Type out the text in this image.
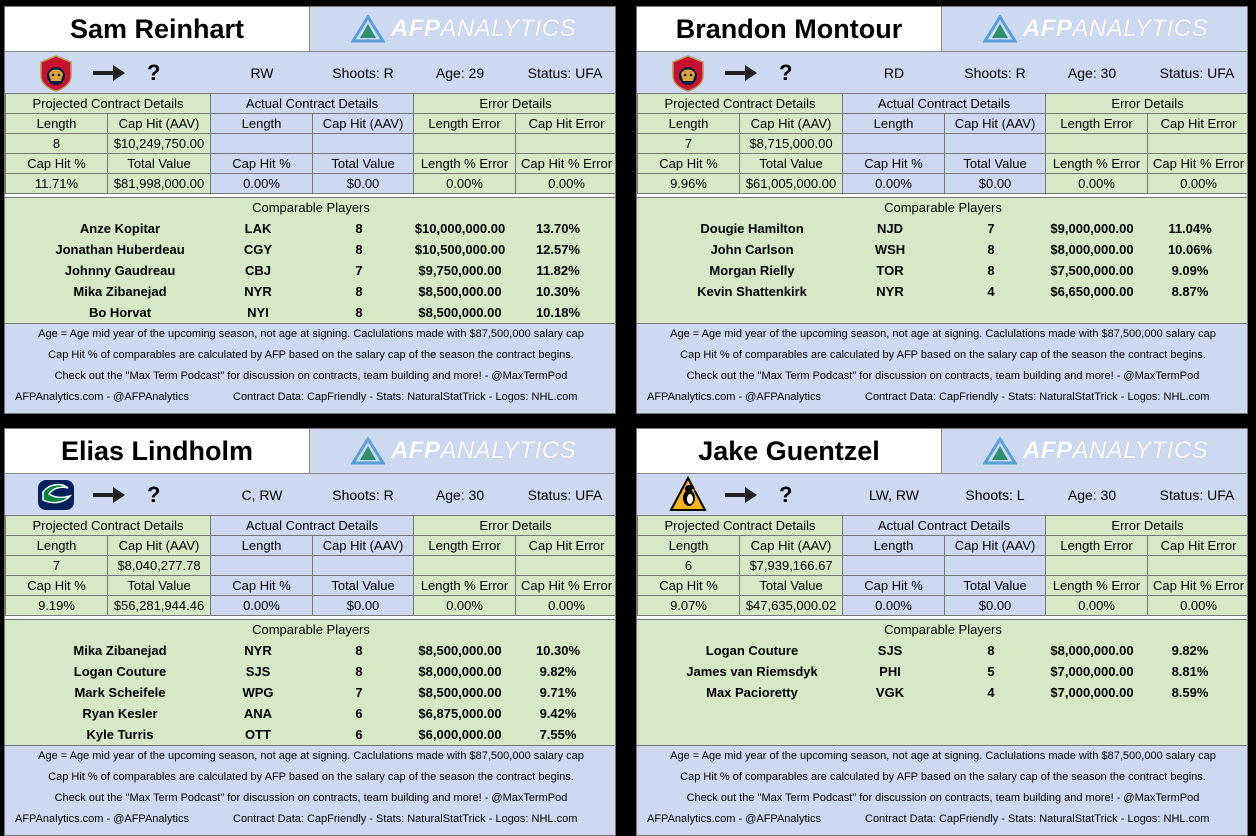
Sam Reinhart	AFPANALYTICS
?	RW	Shoots: R	Age: 29	Status: UFA
Projected Contract Details		Actual Contract Details		Error Details	
Length	Cap Hit (AAV)	Length	Cap Hit (AAV)	Length Error	Cap Hit Error
8	$10,249,750.00				
Cap Hit %	Total Value	Cap Hit %	Total Value	Length % Error	Cap Hit % Error
11.71%	$81,998,000.00	0.00%	$0.00	0.00%	0.00%
Comparable Players
Anze Kopitar	LAK	8	$10,000,000.00	13.70%
Jonathan Huberdeau	CGY	8	$10,500,000.00	12.57%
Johnny Gaudreau	CBJ	7	$9,750,000.00	11.82%
Mika Zibanejad	NYR	8	$8,500,000.00	10.30%
Bo Horvat	NYI	8	$8,500,000.00	10.18%
Age = Age mid year of the upcoming season, not age at signing. Caclulations made with $87,500,000 salary cap
Cap Hit % of comparables are calculated by AFP based on the salary cap of the season the contract begins.
Check out the "Max Term Podcast" for discussion on contracts, team building and more! - @MaxTermPod
AFPAnalytics.com - @AFPAnalytics	Contract Data: CapFriendly - Stats: NaturalStatTrick - Logos: NHL.com
Brandon Montour	AFPANALYTICS
?	RD	Shoots: R	Age: 30	Status: UFA
Projected Contract Details		Actual Contract Details		Error Details	
Length	Cap Hit (AAV)	Length	Cap Hit (AAV)	Length Error	Cap Hit Error
7	$8,715,000.00				
Cap Hit %	Total Value	Cap Hit %	Total Value	Length % Error	Cap Hit % Error
9.96%	$61,005,000.00	0.00%	$0.00	0.00%	0.00%
Comparable Players
Dougie Hamilton	NJD	7	$9,000,000.00	11.04%
John Carlson	WSH	8	$8,000,000.00	10.06%
Morgan Rielly	TOR	8	$7,500,000.00	9.09%
Kevin Shattenkirk	NYR	4	$6,650,000.00	8.87%
Age = Age mid year of the upcoming season, not age at signing. Caclulations made with $87,500,000 salary cap
Cap Hit % of comparables are calculated by AFP based on the salary cap of the season the contract begins.
Check out the "Max Term Podcast" for discussion on contracts, team building and more! - @MaxTermPod
AFPAnalytics.com - @AFPAnalytics	Contract Data: CapFriendly - Stats: NaturalStatTrick - Logos: NHL.com
Elias Lindholm	AFPANALYTICS
?	C, RW	Shoots: R	Age: 30	Status: UFA
Projected Contract Details		Actual Contract Details		Error Details	
Length	Cap Hit (AAV)	Length	Cap Hit (AAV)	Length Error	Cap Hit Error
7	$8,040,277.78				
Cap Hit %	Total Value	Cap Hit %	Total Value	Length % Error	Cap Hit % Error
9.19%	$56,281,944.46	0.00%	$0.00	0.00%	0.00%
Comparable Players
Mika Zibanejad	NYR	8	$8,500,000.00	10.30%
Logan Couture	SJS	8	$8,000,000.00	9.82%
Mark Scheifele	WPG	7	$8,500,000.00	9.71%
Ryan Kesler	ANA	6	$6,875,000.00	9.42%
Kyle Turris	OTT	6	$6,000,000.00	7.55%
Age = Age mid year of the upcoming season, not age at signing. Caclulations made with $87,500,000 salary cap
Cap Hit % of comparables are calculated by AFP based on the salary cap of the season the contract begins.
Check out the "Max Term Podcast" for discussion on contracts, team building and more! - @MaxTermPod
AFPAnalytics.com - @AFPAnalytics	Contract Data: CapFriendly - Stats: NaturalStatTrick - Logos: NHL.com
Jake Guentzel	AFPANALYTICS
?	LW, RW	Shoots: L	Age: 30	Status: UFA
Projected Contract Details		Actual Contract Details		Error Details	
Length	Cap Hit (AAV)	Length	Cap Hit (AAV)	Length Error	Cap Hit Error
6	$7,939,166.67				
Cap Hit %	Total Value	Cap Hit %	Total Value	Length % Error	Cap Hit % Error
9.07%	$47,635,000.02	0.00%	$0.00	0.00%	0.00%
Comparable Players
Logan Couture	SJS	8	$8,000,000.00	9.82%
James van Riemsdyk	PHI	5	$7,000,000.00	8.81%
Max Pacioretty	VGK	4	$7,000,000.00	8.59%
Age = Age mid year of the upcoming season, not age at signing. Caclulations made with $87,500,000 salary cap
Cap Hit % of comparables are calculated by AFP based on the salary cap of the season the contract begins.
Check out the "Max Term Podcast" for discussion on contracts, team building and more! - @MaxTermPod
AFPAnalytics.com - @AFPAnalytics	Contract Data: CapFriendly - Stats: NaturalStatTrick - Logos: NHL.com
